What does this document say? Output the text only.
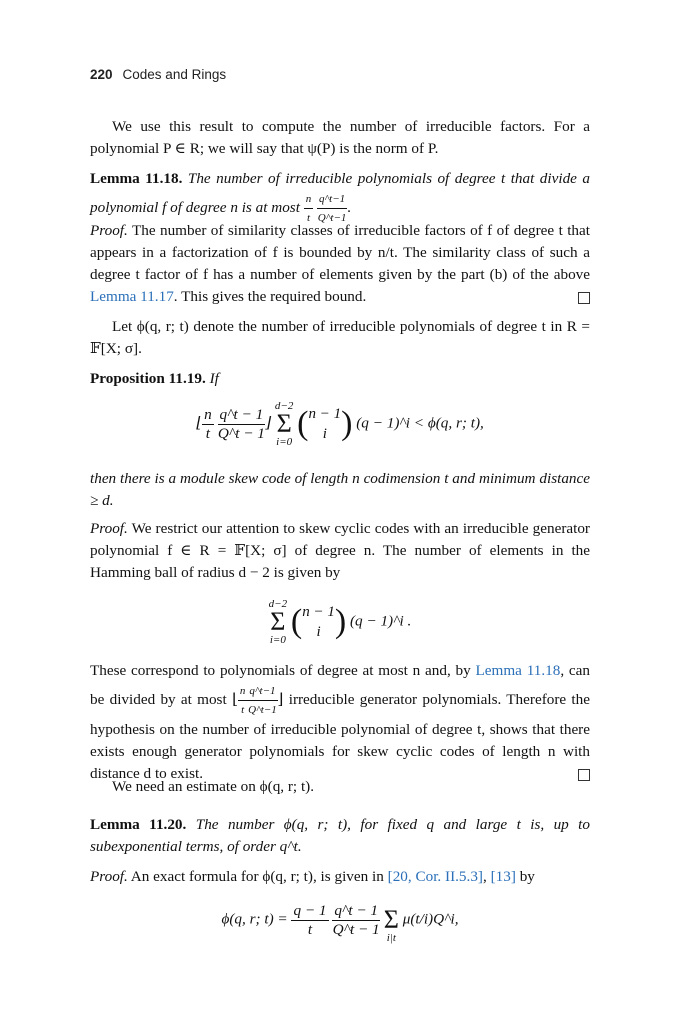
220 Codes and Rings

We use this result to compute the number of irreducible factors. For a polynomial P ∈ R; we will say that ψ(P) is the norm of P.

Lemma 11.18. The number of irreducible polynomials of degree t that divide a polynomial f of degree n is at most $\frac{n}{t}$
$\frac{q\^{}t-1}{Q\^{}t-1}$ .

Proof. The number of similarity classes of irreducible factors of f of degree t that appears in a factorization of f is bounded by n/t. The similarity class of such a degree t factor of f has a number of elements given by the part (b) of the above Lemma 11.17. This gives the required bound.

Let ϕ(q, r; t) denote the number of irreducible polynomials of degree t in R = 𝔽[X; σ].

Proposition 11.19. If

⌊ $\frac{n}{t}$
$\frac{q\^{}t - 1}{Q\^{}t - 1}$ ⌋
d−2
Σ
i=0 ( n − 1
i ) (q − 1)^i < ϕ(q, r; t),

then there is a module skew code of length n codimension t and minimum distance ≥ d.

Proof. We restrict our attention to skew cyclic codes with an irreducible generator polynomial f ∈ R = 𝔽[X; σ] of degree n. The number of elements in the Hamming ball of radius d − 2 is given by

d−2
Σ
i=0 ( n − 1
i ) (q − 1)^i .

These correspond to polynomials of degree at most n and, by Lemma 11.18, can be divided by at most ⌊ $\frac{n}{t} \frac{q\^{}t-1}{Q\^{}t-1}$ ⌋ irreducible generator polynomials. Therefore the hypothesis on the number of irreducible polynomial of degree t, shows that there exists enough generator polynomials for skew cyclic codes of length n with distance d to exist.

We need an estimate on ϕ(q, r; t).

Lemma 11.20. The number ϕ(q, r; t), for fixed q and large t is, up to subexponential terms, of order q^t.

Proof. An exact formula for ϕ(q, r; t), is given in [20, Cor. II.5.3], [13] by

ϕ(q, r; $t) = \frac{q - 1}{t}$
$\frac{q\^{}t - 1}{Q\^{}t - 1}$

Σ
i|t
μ(t/i)Q^i,
